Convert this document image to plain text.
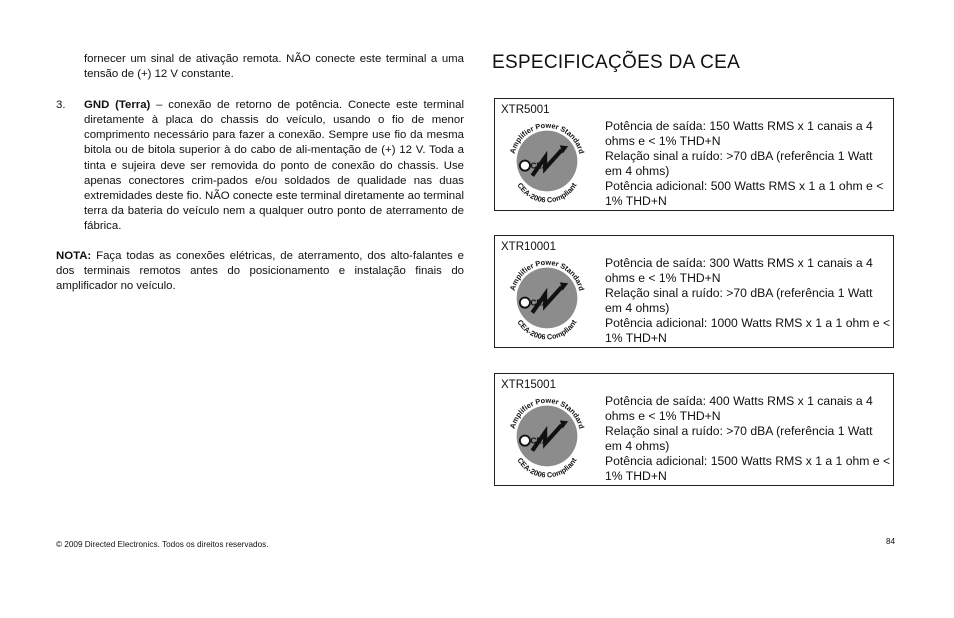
fornecer um sinal de ativação remota. NÃO conecte este terminal a uma tensão de (+) 12 V constante.

3. GND (Terra) – conexão de retorno de potência. Conecte este terminal diretamente à placa do chassis do veículo, usando o fio de menor comprimento necessário para fazer a conexão. Sempre use fio da mesma bitola ou de bitola superior à do cabo de ali-mentação de (+) 12 V. Toda a tinta e sujeira deve ser removida do ponto de conexão do chassis. Use apenas conectores crim-pados e/ou soldados de qualidade nas duas extremidades deste fio. NÃO conecte este terminal diretamente ao terminal terra da bateria do veículo nem a qualquer outro ponto de aterramento de fábrica.
NOTA: Faça todas as conexões elétricas, de aterramento, dos alto-falantes e dos terminais remotos antes do posicionamento e instalação finais do amplificador no veículo.
ESPECIFICAÇÕES DA CEA
XTR5001
Amplifier Power Standard
CEA-2006 Compliant
CEA
Potência de saída: 150 Watts RMS x 1 canais a 4 ohms e < 1% THD+N
Relação sinal a ruído: >70 dBA (referência 1 Watt em 4 ohms)
Potência adicional: 500 Watts RMS x 1 a 1 ohm e < 1% THD+N
XTR10001
Amplifier Power Standard
CEA-2006 Compliant
CEA
Potência de saída: 300 Watts RMS x 1 canais a 4 ohms e < 1% THD+N
Relação sinal a ruído: >70 dBA (referência 1 Watt em 4 ohms)
Potência adicional: 1000 Watts RMS x 1 a 1 ohm e < 1% THD+N
XTR15001
Amplifier Power Standard
CEA-2006 Compliant
CEA
Potência de saída: 400 Watts RMS x 1 canais a 4 ohms e < 1% THD+N
Relação sinal a ruído: >70 dBA (referência 1 Watt em 4 ohms)
Potência adicional: 1500 Watts RMS x 1 a 1 ohm e < 1% THD+N
© 2009 Directed Electronics. Todos os direitos reservados.	84
